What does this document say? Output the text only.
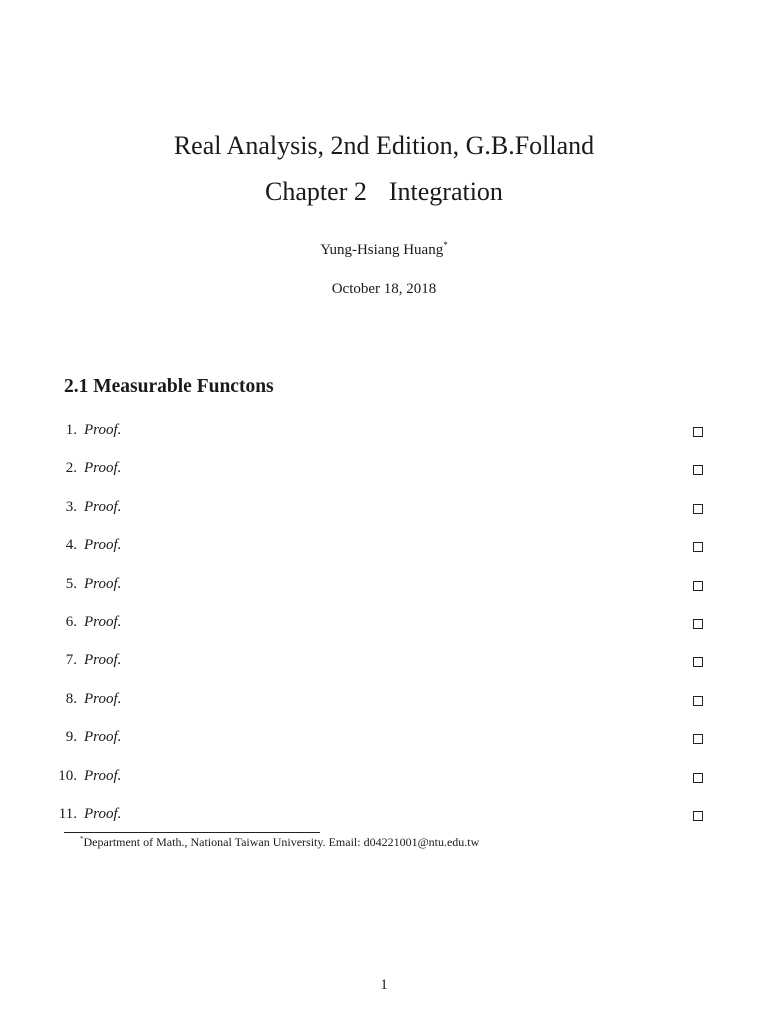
Real Analysis, 2nd Edition, G.B.Folland
Chapter 2 Integration
Yung-Hsiang Huang*
October 18, 2018
2.1 Measurable Functons
1. Proof.
2. Proof.
3. Proof.
4. Proof.
5. Proof.
6. Proof.
7. Proof.
8. Proof.
9. Proof.
10. Proof.
11. Proof.
*Department of Math., National Taiwan University. Email: d04221001@ntu.edu.tw
1
